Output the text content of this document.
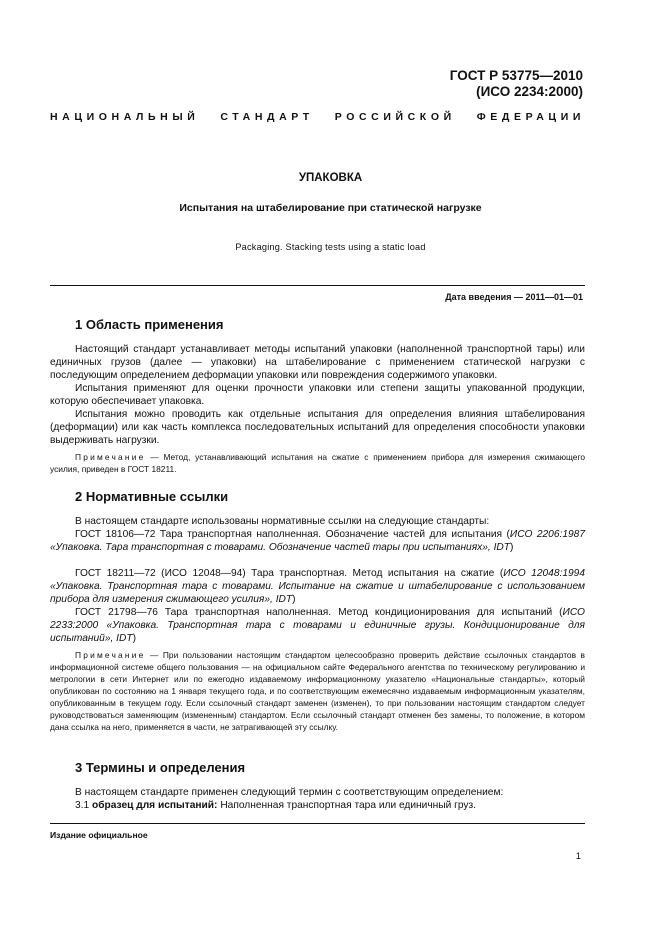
ГОСТ Р 53775—2010
(ИСО 2234:2000)
НАЦИОНАЛЬНЫЙ СТАНДАРТ РОССИЙСКОЙ ФЕДЕРАЦИИ
УПАКОВКА
Испытания на штабелирование при статической нагрузке
Packaging. Stacking tests using a static load
Дата введения — 2011—01—01
1 Область применения

Настоящий стандарт устанавливает методы испытаний упаковки (наполненной транспортной тары) или единичных грузов (далее — упаковки) на штабелирование с применением статической нагрузки с последующим определением деформации упаковки или повреждения содержимого упаковки.

Испытания применяют для оценки прочности упаковки или степени защиты упакованной продукции, которую обеспечивает упаковка.

Испытания можно проводить как отдельные испытания для определения влияния штабелирования (деформации) или как часть комплекса последовательных испытаний для определения способности упаковки выдерживать нагрузки.

Примечание — Метод, устанавливающий испытания на сжатие с применением прибора для измерения сжимающего усилия, приведен в ГОСТ 18211.

2 Нормативные ссылки

В настоящем стандарте использованы нормативные ссылки на следующие стандарты:

ГОСТ 18106—72 Тара транспортная наполненная. Обозначение частей для испытания (ИСО 2206:1987 «Упаковка. Тара транспортная с товарами. Обозначение частей тары при испытаниях», IDT)

ГОСТ 18211—72 (ИСО 12048—94) Тара транспортная. Метод испытания на сжатие (ИСО 12048:1994 «Упаковка. Транспортная тара с товарами. Испытание на сжатие и штабелирование с использованием прибора для измерения сжимающего усилия», IDT)

ГОСТ 21798—76 Тара транспортная наполненная. Метод кондиционирования для испытаний (ИСО 2233:2000 «Упаковка. Транспортная тара с товарами и единичные грузы. Кондиционирование для испытаний», IDT)

Примечание — При пользовании настоящим стандартом целесообразно проверить действие ссылочных стандартов в информационной системе общего пользования — на официальном сайте Федерального агентства по техническому регулированию и метрологии в сети Интернет или по ежегодно издаваемому информационному указателю «Национальные стандарты», который опубликован по состоянию на 1 января текущего года, и по соответствующим ежемесячно издаваемым информационным указателям, опубликованным в текущем году. Если ссылочный стандарт заменен (изменен), то при пользовании настоящим стандартом следует руководствоваться заменяющим (измененным) стандартом. Если ссылочный стандарт отменен без замены, то положение, в котором дана ссылка на него, применяется в части, не затрагивающей эту ссылку.

3 Термины и определения

В настоящем стандарте применен следующий термин с соответствующим определением:

3.1 образец для испытаний: Наполненная транспортная тара или единичный груз.

Издание официальное
1
